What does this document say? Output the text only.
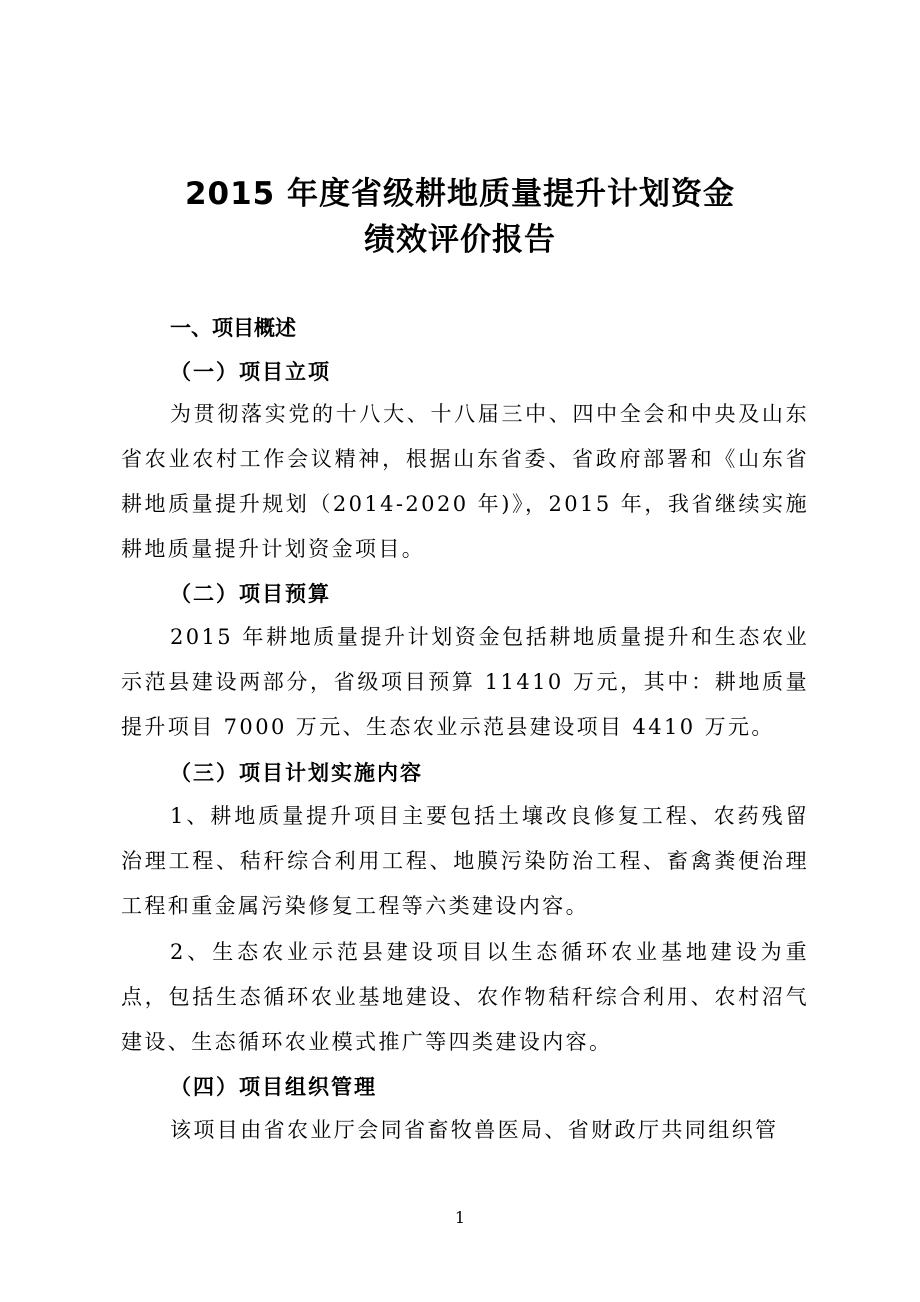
2015 年度省级耕地质量提升计划资金
绩效评价报告
一、项目概述
（一）项目立项

为贯彻落实党的十八大、十八届三中、四中全会和中央及山东省农业农村工作会议精神，根据山东省委、省政府部署和《山东省耕地质量提升规划（2014-2020 年)》，2015 年，我省继续实施耕地质量提升计划资金项目。

（二）项目预算

2015 年耕地质量提升计划资金包括耕地质量提升和生态农业示范县建设两部分，省级项目预算 11410 万元，其中：耕地质量提升项目 7000 万元、生态农业示范县建设项目 4410 万元。

（三）项目计划实施内容

1、耕地质量提升项目主要包括土壤改良修复工程、农药残留治理工程、秸秆综合利用工程、地膜污染防治工程、畜禽粪便治理工程和重金属污染修复工程等六类建设内容。

2、生态农业示范县建设项目以生态循环农业基地建设为重点，包括生态循环农业基地建设、农作物秸秆综合利用、农村沼气建设、生态循环农业模式推广等四类建设内容。

（四）项目组织管理

该项目由省农业厅会同省畜牧兽医局、省财政厅共同组织管

1
